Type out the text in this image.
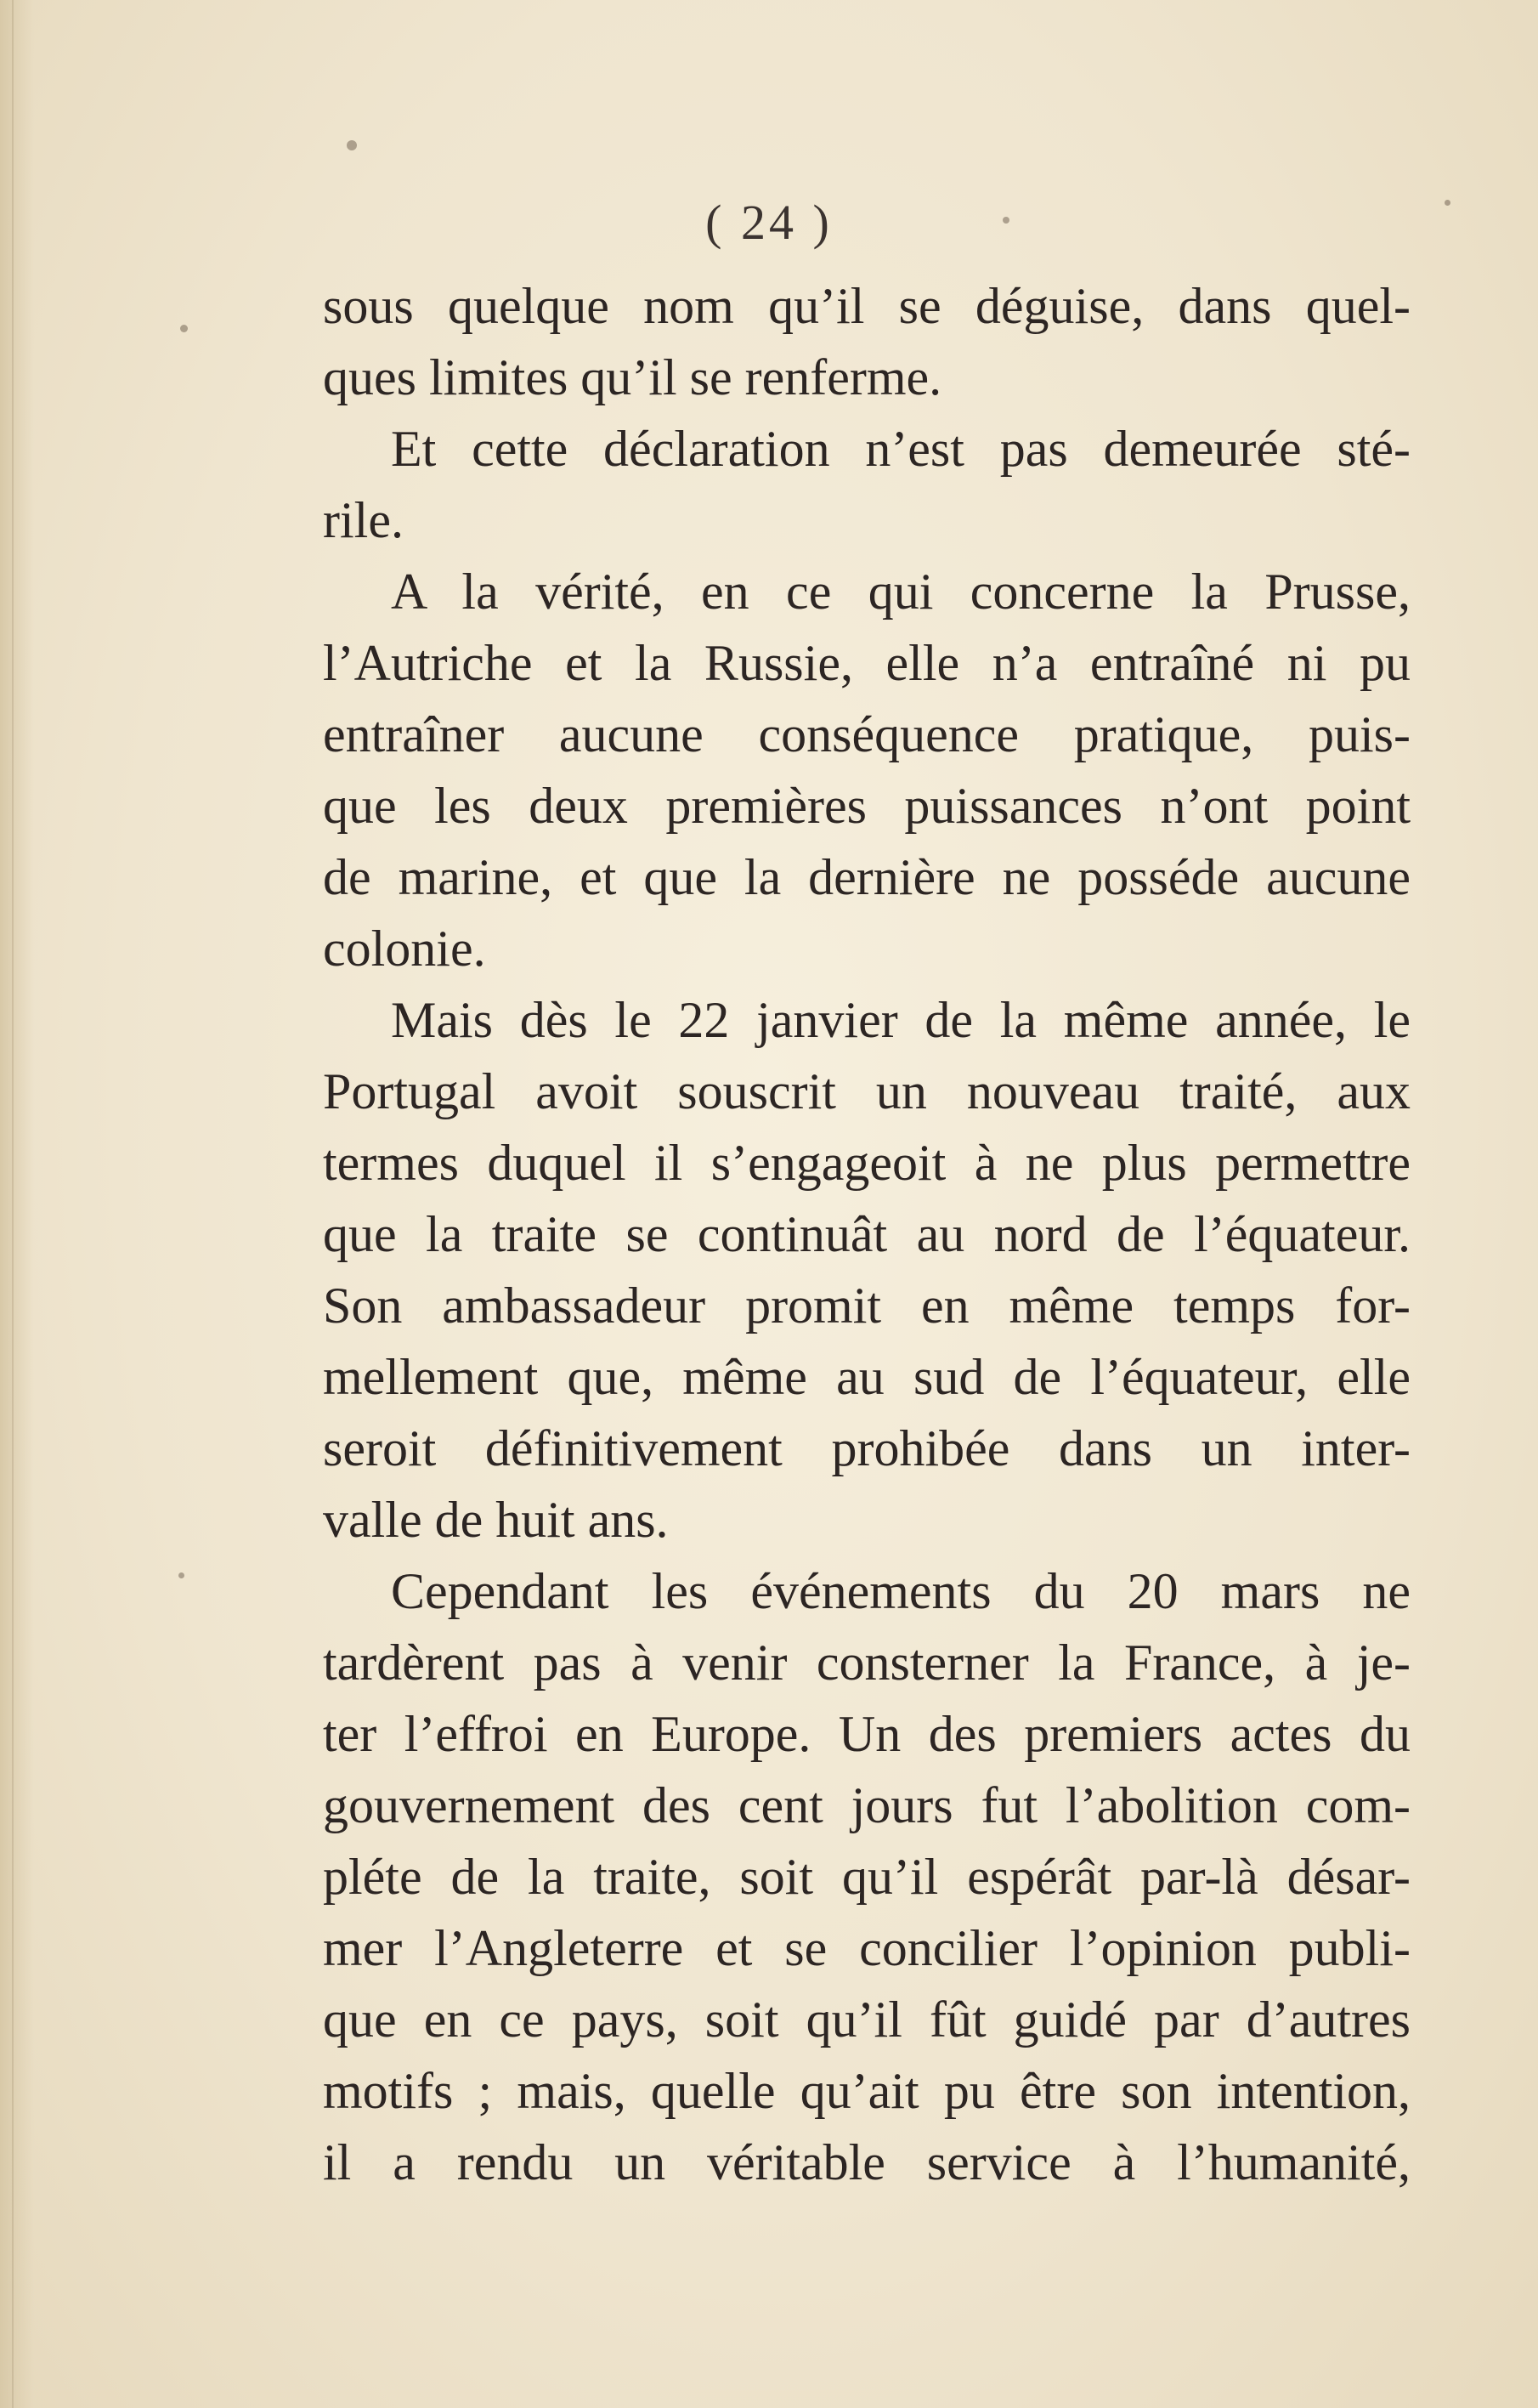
( 24 )
sous quelque nom qu’il se déguise, dans quel-
ques limites qu’il se renferme.
Et cette déclaration n’est pas demeurée sté-
rile.
A la vérité, en ce qui concerne la Prusse,
l’Autriche et la Russie, elle n’a entraîné ni pu
entraîner aucune conséquence pratique, puis-
que les deux premières puissances n’ont point
de marine, et que la dernière ne posséde aucune
colonie.
Mais dès le 22 janvier de la même année, le
Portugal avoit souscrit un nouveau traité, aux
termes duquel il s’engageoit à ne plus permettre
que la traite se continuât au nord de l’équateur.
Son ambassadeur promit en même temps for-
mellement que, même au sud de l’équateur, elle
seroit définitivement prohibée dans un inter-
valle de huit ans.
Cependant les événements du 20 mars ne
tardèrent pas à venir consterner la France, à je-
ter l’effroi en Europe. Un des premiers actes du
gouvernement des cent jours fut l’abolition com-
pléte de la traite, soit qu’il espérât par-là désar-
mer l’Angleterre et se concilier l’opinion publi-
que en ce pays, soit qu’il fût guidé par d’autres
motifs ; mais, quelle qu’ait pu être son intention,
il a rendu un véritable service à l’humanité,
